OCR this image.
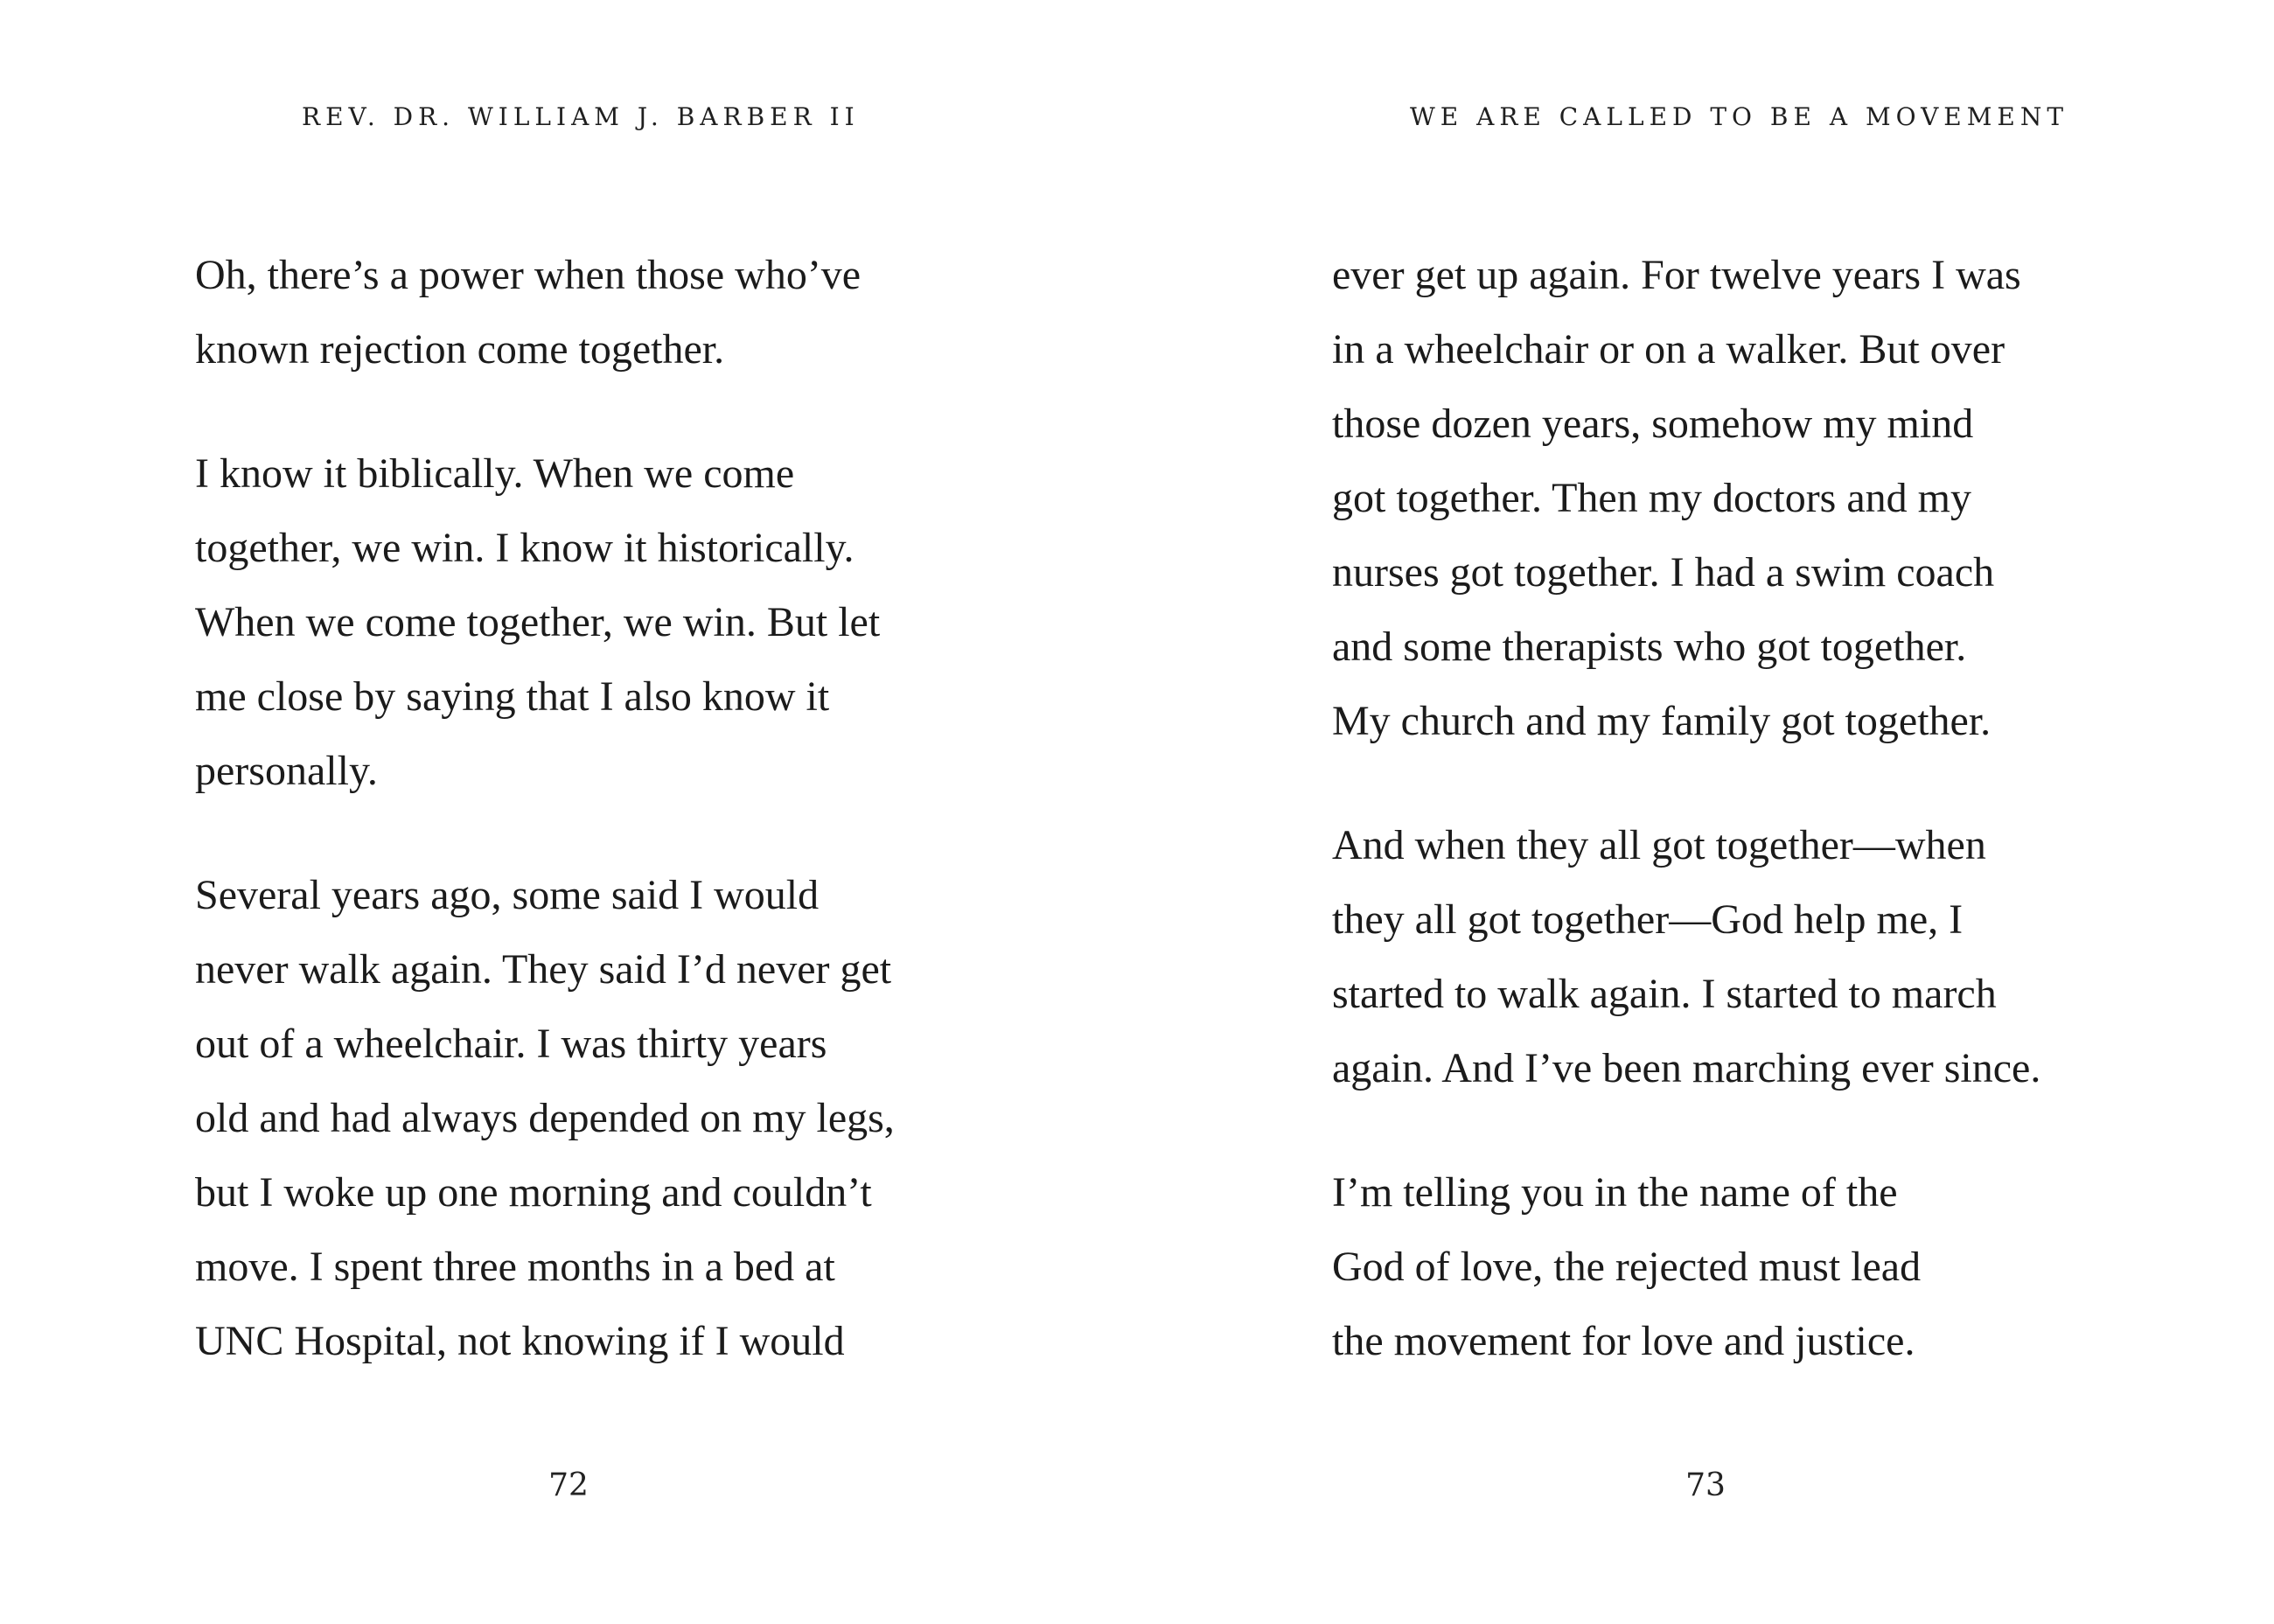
REV. DR. WILLIAM J. BARBER II

Oh, there’s a power when those who’ve
known rejection come together.

I know it biblically. When we come
together, we win. I know it historically.
When we come together, we win. But let
me close by saying that I also know it
personally.

Several years ago, some said I would
never walk again. They said I’d never get
out of a wheelchair. I was thirty years
old and had always depended on my legs,
but I woke up one morning and couldn’t
move. I spent three months in a bed at
UNC Hospital, not knowing if I would

72
WE ARE CALLED TO BE A MOVEMENT

ever get up again. For twelve years I was
in a wheelchair or on a walker. But over
those dozen years, somehow my mind
got together. Then my doctors and my
nurses got together. I had a swim coach
and some therapists who got together.
My church and my family got together.

And when they all got together—when
they all got together—God help me, I
started to walk again. I started to march
again. And I’ve been marching ever since.

I’m telling you in the name of the
God of love, the rejected must lead
the movement for love and justice.

73
